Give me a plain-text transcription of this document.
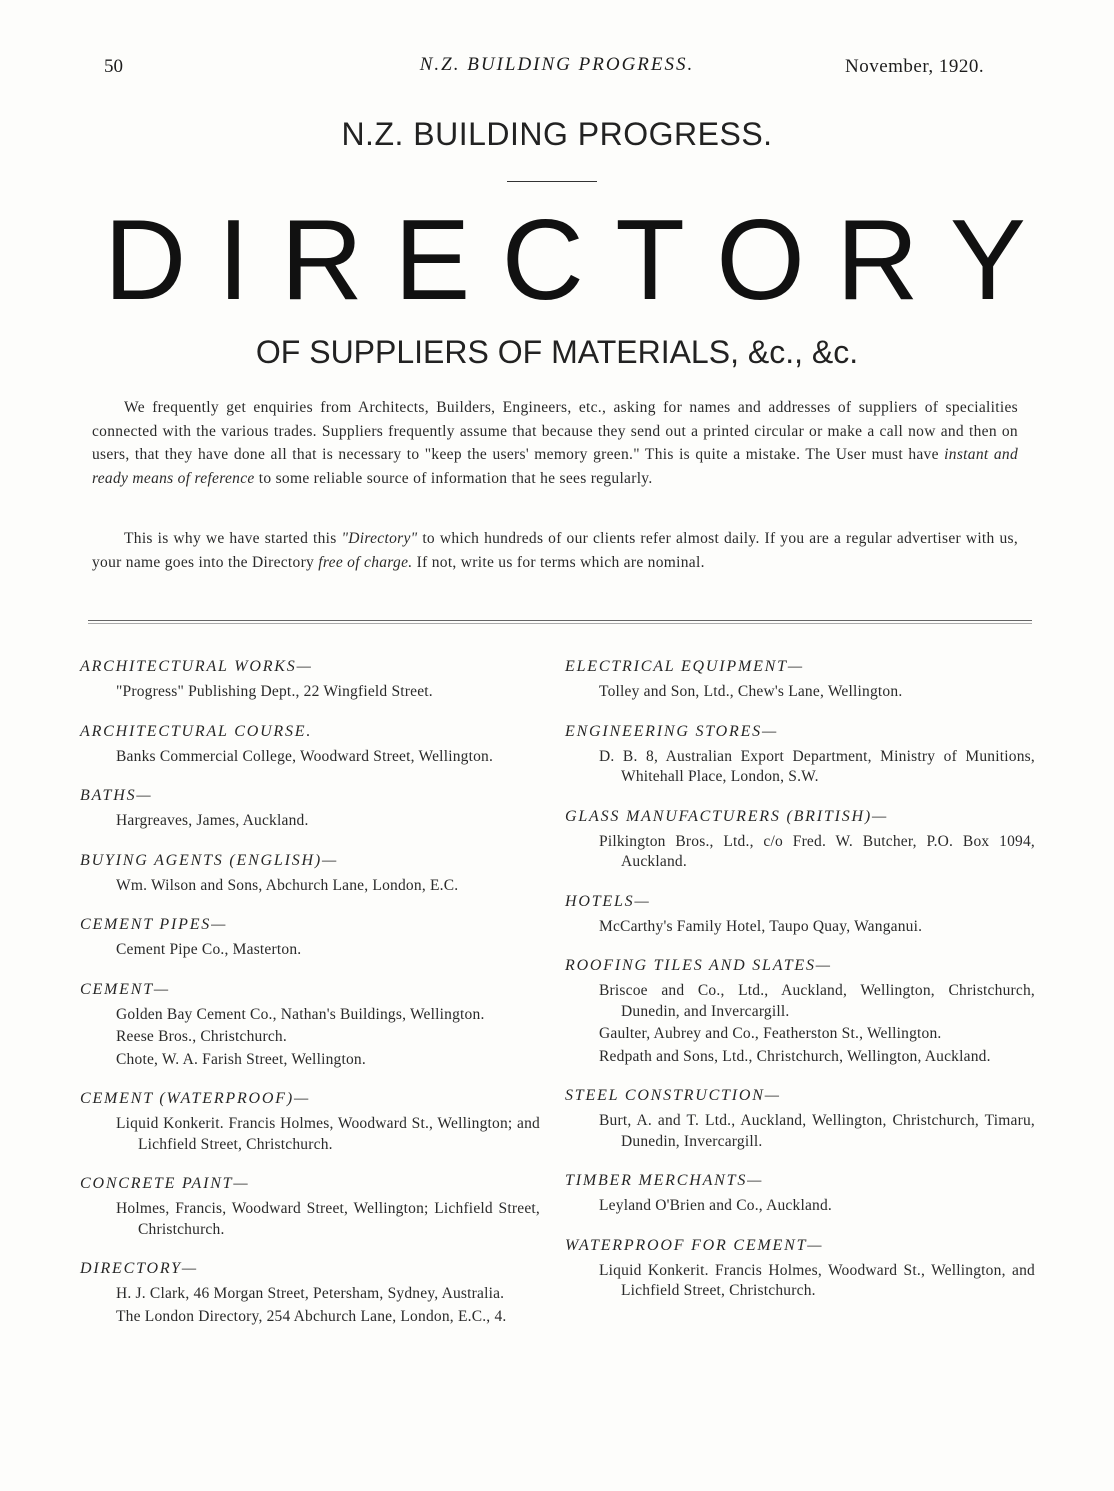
50	N.Z. BUILDING PROGRESS.	November, 1920.
N.Z. BUILDING PROGRESS.
D I R E C T O R Y
OF SUPPLIERS OF MATERIALS, &c., &c.
We frequently get enquiries from Architects, Builders, Engineers, etc., asking for names and addresses of suppliers of specialities connected with the various trades. Suppliers frequently assume that because they send out a printed circular or make a call now and then on users, that they have done all that is necessary to "keep the users' memory green." This is quite a mistake. The User must have instant and ready means of reference to some reliable source of information that he sees regularly.
This is why we have started this "Directory" to which hundreds of our clients refer almost daily. If you are a regular advertiser with us, your name goes into the Directory free of charge. If not, write us for terms which are nominal.
ARCHITECTURAL WORKS—
"Progress" Publishing Dept., 22 Wingfield Street.
ARCHITECTURAL COURSE.
Banks Commercial College, Woodward Street, Wellington.
BATHS—
Hargreaves, James, Auckland.
BUYING AGENTS (ENGLISH)—
Wm. Wilson and Sons, Abchurch Lane, London, E.C.
CEMENT PIPES—
Cement Pipe Co., Masterton.
CEMENT—
Golden Bay Cement Co., Nathan's Buildings, Wellington.
Reese Bros., Christchurch.
Chote, W. A. Farish Street, Wellington.
CEMENT (WATERPROOF)—
Liquid Konkerit. Francis Holmes, Woodward St., Wellington; and Lichfield Street, Christchurch.
CONCRETE PAINT—
Holmes, Francis, Woodward Street, Wellington; Lichfield Street, Christchurch.
DIRECTORY—
H. J. Clark, 46 Morgan Street, Petersham, Sydney, Australia.
The London Directory, 254 Abchurch Lane, London, E.C., 4.
ELECTRICAL EQUIPMENT—
Tolley and Son, Ltd., Chew's Lane, Wellington.
ENGINEERING STORES—
D. B. 8, Australian Export Department, Ministry of Munitions, Whitehall Place, London, S.W.
GLASS MANUFACTURERS (BRITISH)—
Pilkington Bros., Ltd., c/o Fred. W. Butcher, P.O. Box 1094, Auckland.
HOTELS—
McCarthy's Family Hotel, Taupo Quay, Wanganui.
ROOFING TILES AND SLATES—
Briscoe and Co., Ltd., Auckland, Wellington, Christchurch, Dunedin, and Invercargill.
Gaulter, Aubrey and Co., Featherston St., Wellington.
Redpath and Sons, Ltd., Christchurch, Wellington, Auckland.
STEEL CONSTRUCTION—
Burt, A. and T. Ltd., Auckland, Wellington, Christchurch, Timaru, Dunedin, Invercargill.
TIMBER MERCHANTS—
Leyland O'Brien and Co., Auckland.
WATERPROOF FOR CEMENT—
Liquid Konkerit. Francis Holmes, Woodward St., Wellington, and Lichfield Street, Christchurch.
